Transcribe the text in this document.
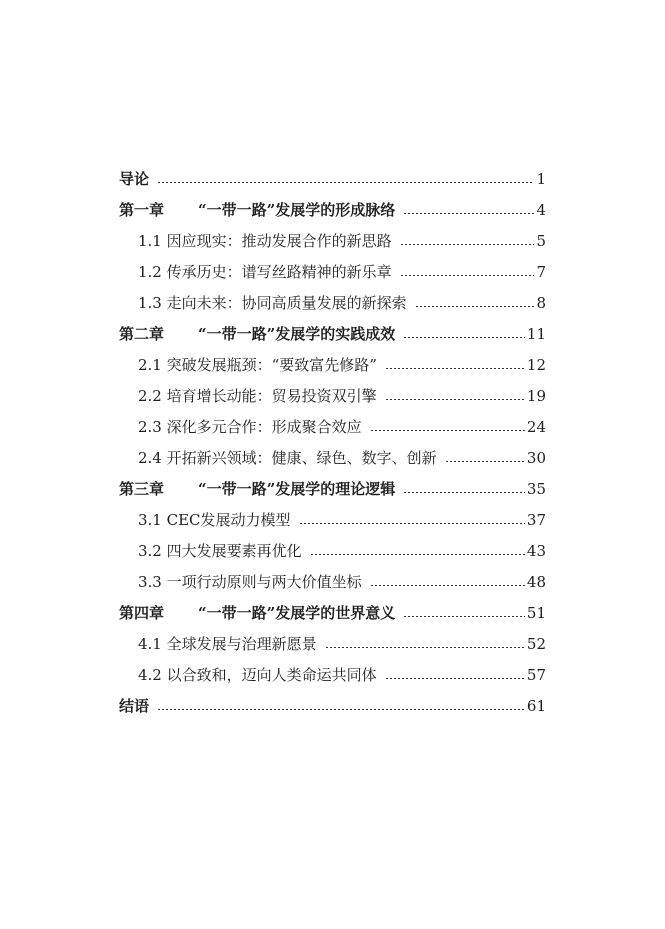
导论	1
第一章 “一带一路”发展学的形成脉络	4
1.1 因应现实：推动发展合作的新思路	5
1.2 传承历史：谱写丝路精神的新乐章	7
1.3 走向未来：协同高质量发展的新探索	8
第二章 “一带一路”发展学的实践成效	11
2.1 突破发展瓶颈：“要致富先修路”	12
2.2 培育增长动能：贸易投资双引擎	19
2.3 深化多元合作：形成聚合效应	24
2.4 开拓新兴领域：健康、绿色、数字、创新	30
第三章 “一带一路”发展学的理论逻辑	35
3.1 CEC发展动力模型	37
3.2 四大发展要素再优化	43
3.3 一项行动原则与两大价值坐标	48
第四章 “一带一路”发展学的世界意义	51
4.1 全球发展与治理新愿景	52
4.2 以合致和，迈向人类命运共同体	57
结语	61
